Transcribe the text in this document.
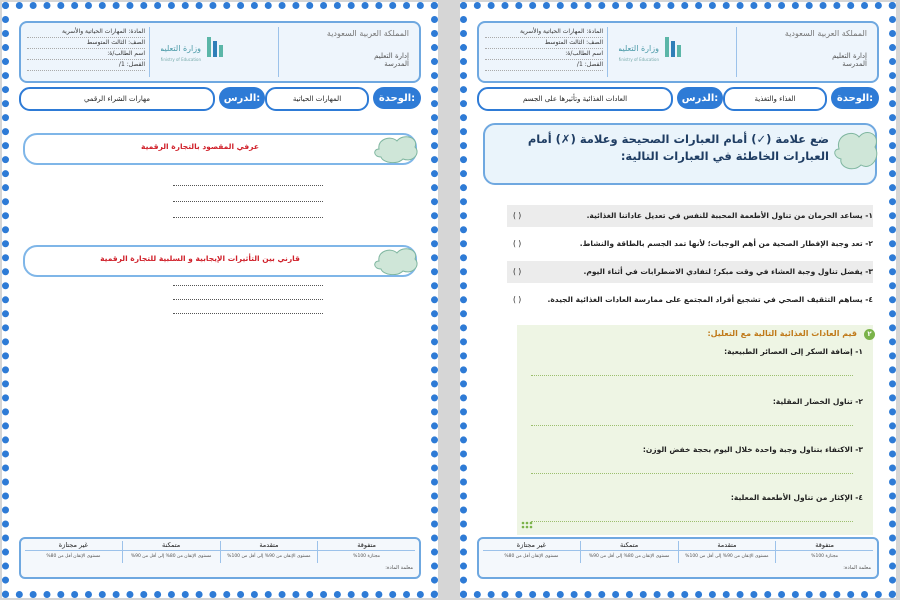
المادة: المهارات الحياتية والأسرية
الصف: الثالث المتوسط
اسم الطالب/ة:
الفصل: 1/
وزارة التعليم
Ministry of Education
المملكة العربية السعودية
إدارة التعليم
المدرسة
الوحدة:
المهارات الحياتية
الدرس:
مهارات الشراء الرقمي
عرفي المقصود بالتجارة الرقمية
قارني بين التأثيرات الإيجابية و السلبية للتجارة الرقمية
متفوقة
مجتازة 100%
متقدمة
مستوى الإتقان من 90% إلى أقل من 100%
متمكنة
مستوى الإتقان من 80% إلى أقل من 90%
غير مجتازة
مستوى الإتقان أقل من 80%
معلمة المادة:
المادة: المهارات الحياتية والأسرية
الصف: الثالث المتوسط
اسم الطالب/ة:
الفصل: 1/
وزارة التعليم
Ministry of Education
المملكة العربية السعودية
إدارة التعليم
المدرسة
الوحدة:
الغذاء والتغذية
الدرس:
العادات الغذائية وتأثيرها على الجسم
ضع علامة (✓) أمام العبارات الصحيحة وعلامة (✗) أمام العبارات الخاطئة في العبارات التالية:
١- يساعد الحرمان من تناول الأطعمة المحببة للنفس في تعديل عاداتنا الغذائية.
( )
٢- تعد وجبة الإفطار الصحية من أهم الوجبات؛ لأنها تمد الجسم بالطاقة والنشاط.
( )
٣- يفضل تناول وجبة العشاء في وقت مبكر؛ لتفادي الاضطرابات في أثناء اليوم.
( )
٤- يساهم التثقيف الصحي في تشجيع أفراد المجتمع على ممارسة العادات الغذائية الجيدة.
( )
٢
قيم العادات الغذائية التالية مع التعليل:
١- إضافة السكر إلى العصائر الطبيعية:
٢- تناول الخضار المقلية:
٣- الاكتفاء بتناول وجبة واحدة خلال اليوم بحجة خفض الوزن:
٤- الإكثار من تناول الأطعمة المعلبة:
متفوقة
مجتازة 100%
متقدمة
مستوى الإتقان من 90% إلى أقل من 100%
متمكنة
مستوى الإتقان من 80% إلى أقل من 90%
غير مجتازة
مستوى الإتقان أقل من 80%
معلمة المادة:
